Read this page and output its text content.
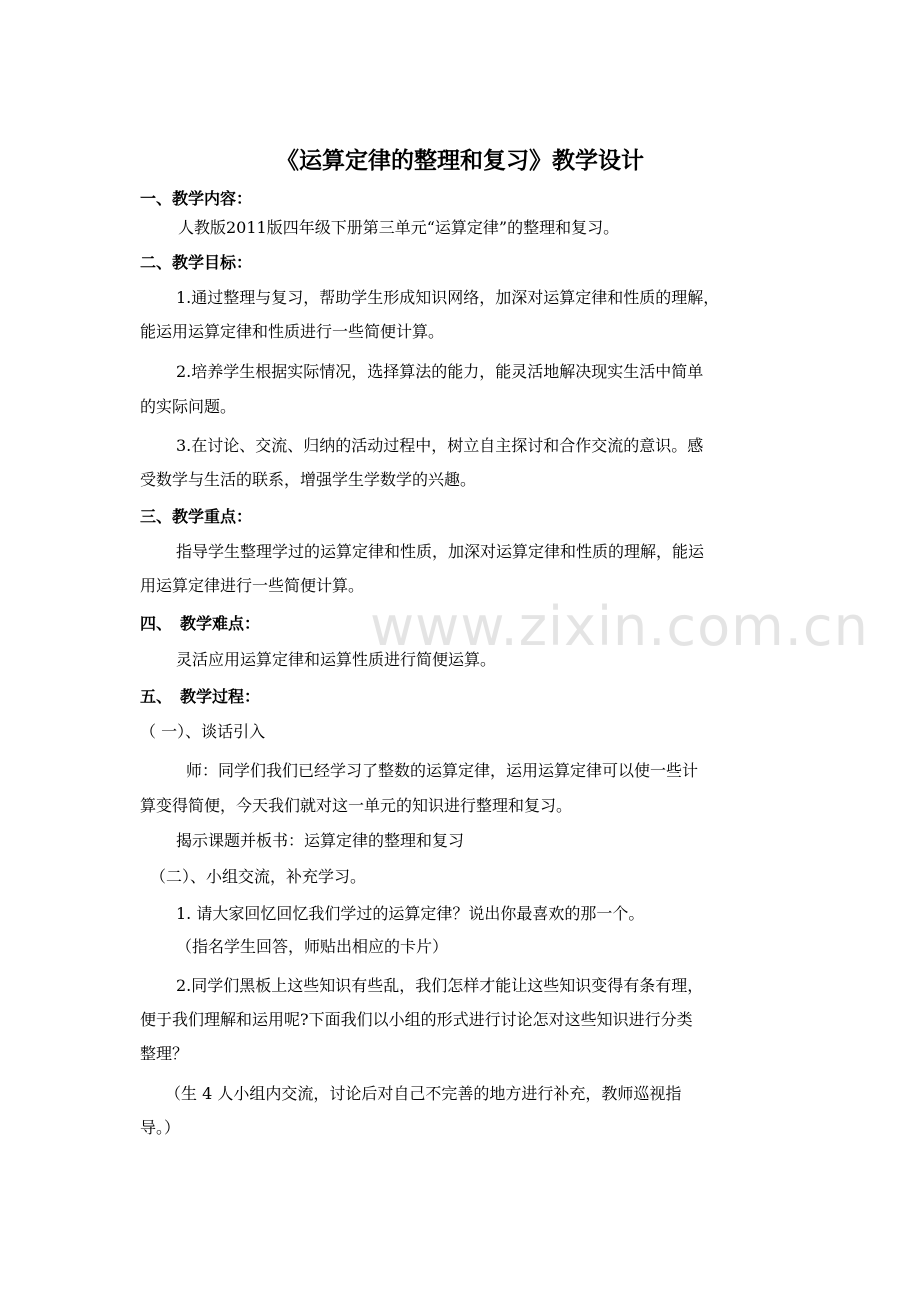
《运算定律的整理和复习》教学设计

一、教学内容：

人教版2011版四年级下册第三单元“运算定律”的整理和复习。

二、教学目标：

1.通过整理与复习，帮助学生形成知识网络，加深对运算定律和性质的理解，

能运用运算定律和性质进行一些简便计算。

2.培养学生根据实际情况，选择算法的能力，能灵活地解决现实生活中简单

的实际问题。

3.在讨论、交流、归纳的活动过程中，树立自主探讨和合作交流的意识。感

受数学与生活的联系，增强学生学数学的兴趣。

三、教学重点：

指导学生整理学过的运算定律和性质，加深对运算定律和性质的理解，能运

用运算定律进行一些简便计算。

四、　教学难点：

灵活应用运算定律和运算性质进行简便运算。

五、　教学过程：

（ 一）、谈话引入

师：同学们我们已经学习了整数的运算定律，运用运算定律可以使一些计

算变得简便，今天我们就对这一单元的知识进行整理和复习。

揭示课题并板书：运算定律的整理和复习

（二）、小组交流，补充学习。

1. 请大家回忆回忆我们学过的运算定律？说出你最喜欢的那一个。

（指名学生回答，师贴出相应的卡片）

2.同学们黑板上这些知识有些乱，我们怎样才能让这些知识变得有条有理，

便于我们理解和运用呢?下面我们以小组的形式进行讨论怎对这些知识进行分类

整理？

（生 4 人小组内交流，讨论后对自己不完善的地方进行补充，教师巡视指

导。）

www.zixin.com.cn
